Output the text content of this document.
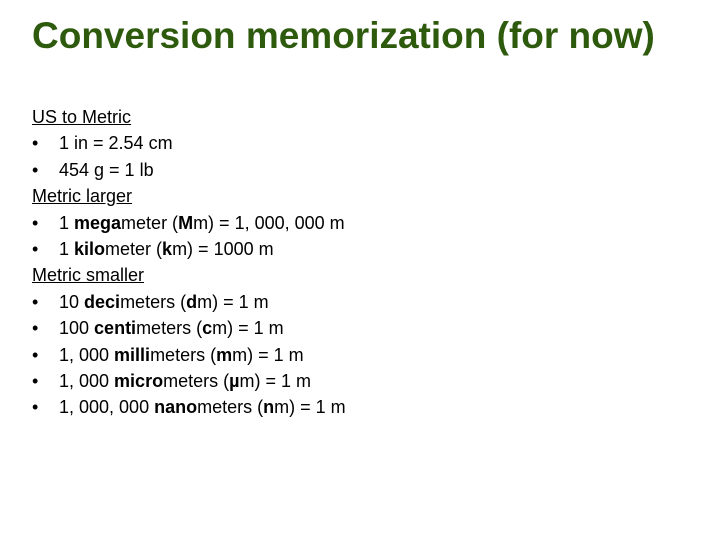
Conversion memorization (for now)
US to Metric
•	1 in = 2.54 cm
•	454 g = 1 lb
Metric larger
•	1 megameter (Mm) = 1, 000, 000 m
•	1 kilometer (km) = 1000 m
Metric smaller
•	10 decimeters (dm) = 1 m
•	100 centimeters (cm) = 1 m
•	1, 000 millimeters (mm) = 1 m
•	1, 000 micrometers (µm) = 1 m
•	1, 000, 000 nanometers (nm) = 1 m
